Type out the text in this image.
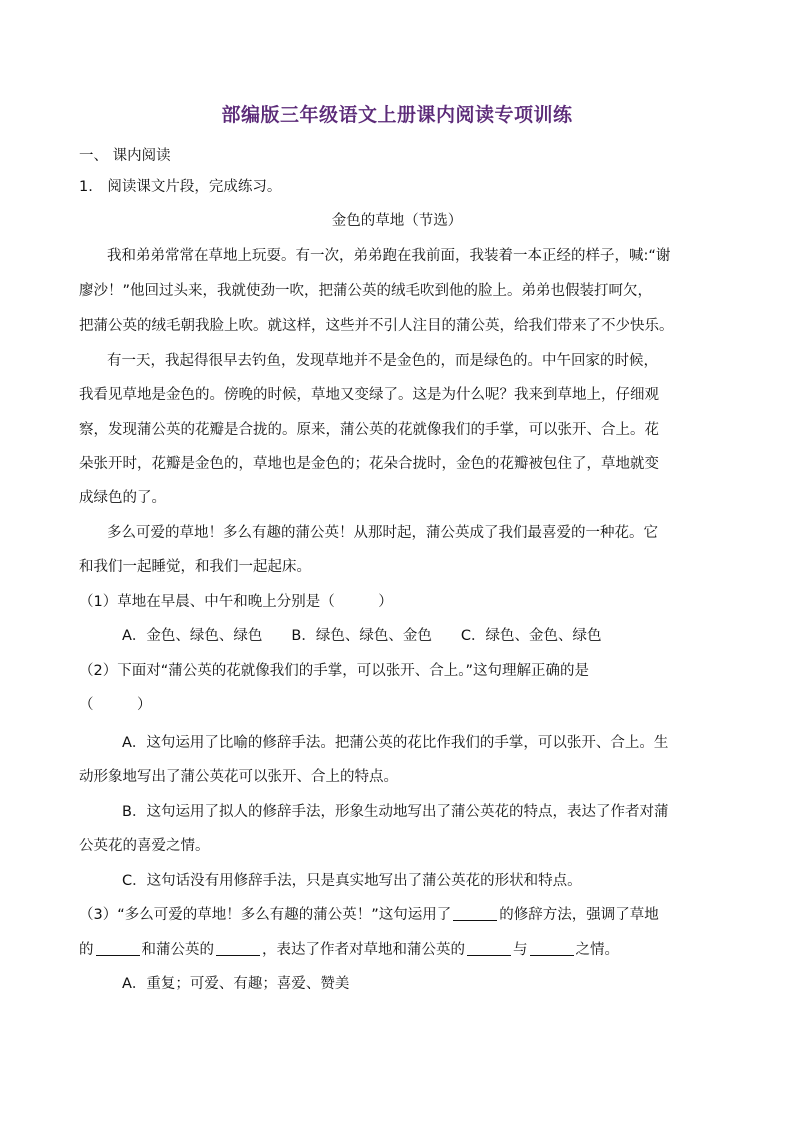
部编版三年级语文上册课内阅读专项训练
一、 课内阅读
1.　阅读课文片段，完成练习。
金色的草地（节选）
我和弟弟常常在草地上玩耍。有一次，弟弟跑在我前面，我装着一本正经的样子，喊:“谢
廖沙！”他回过头来，我就使劲一吹，把蒲公英的绒毛吹到他的脸上。弟弟也假装打呵欠，
把蒲公英的绒毛朝我脸上吹。就这样，这些并不引人注目的蒲公英，给我们带来了不少快乐。
有一天，我起得很早去钓鱼，发现草地并不是金色的，而是绿色的。中午回家的时候，
我看见草地是金色的。傍晚的时候，草地又变绿了。这是为什么呢？我来到草地上，仔细观
察，发现蒲公英的花瓣是合拢的。原来，蒲公英的花就像我们的手掌，可以张开、合上。花
朵张开时，花瓣是金色的，草地也是金色的；花朵合拢时，金色的花瓣被包住了，草地就变
成绿色的了。
多么可爱的草地！多么有趣的蒲公英！从那时起，蒲公英成了我们最喜爱的一种花。它
和我们一起睡觉，和我们一起起床。
（1）草地在早晨、中午和晚上分别是（　　　）
A．金色、绿色、绿色　　B．绿色、绿色、金色　　C．绿色、金色、绿色
（2）下面对“蒲公英的花就像我们的手掌，可以张开、合上。”这句理解正确的是
（　　　）
A．这句运用了比喻的修辞手法。把蒲公英的花比作我们的手掌，可以张开、合上。生
动形象地写出了蒲公英花可以张开、合上的特点。
B．这句运用了拟人的修辞手法，形象生动地写出了蒲公英花的特点，表达了作者对蒲
公英花的喜爱之情。
C．这句话没有用修辞手法，只是真实地写出了蒲公英花的形状和特点。
（3）“多么可爱的草地！多么有趣的蒲公英！”这句运用了	的修辞方法，强调了草地
的	和蒲公英的	，表达了作者对草地和蒲公英的	与	之情。
A．重复；可爱、有趣；喜爱、赞美
